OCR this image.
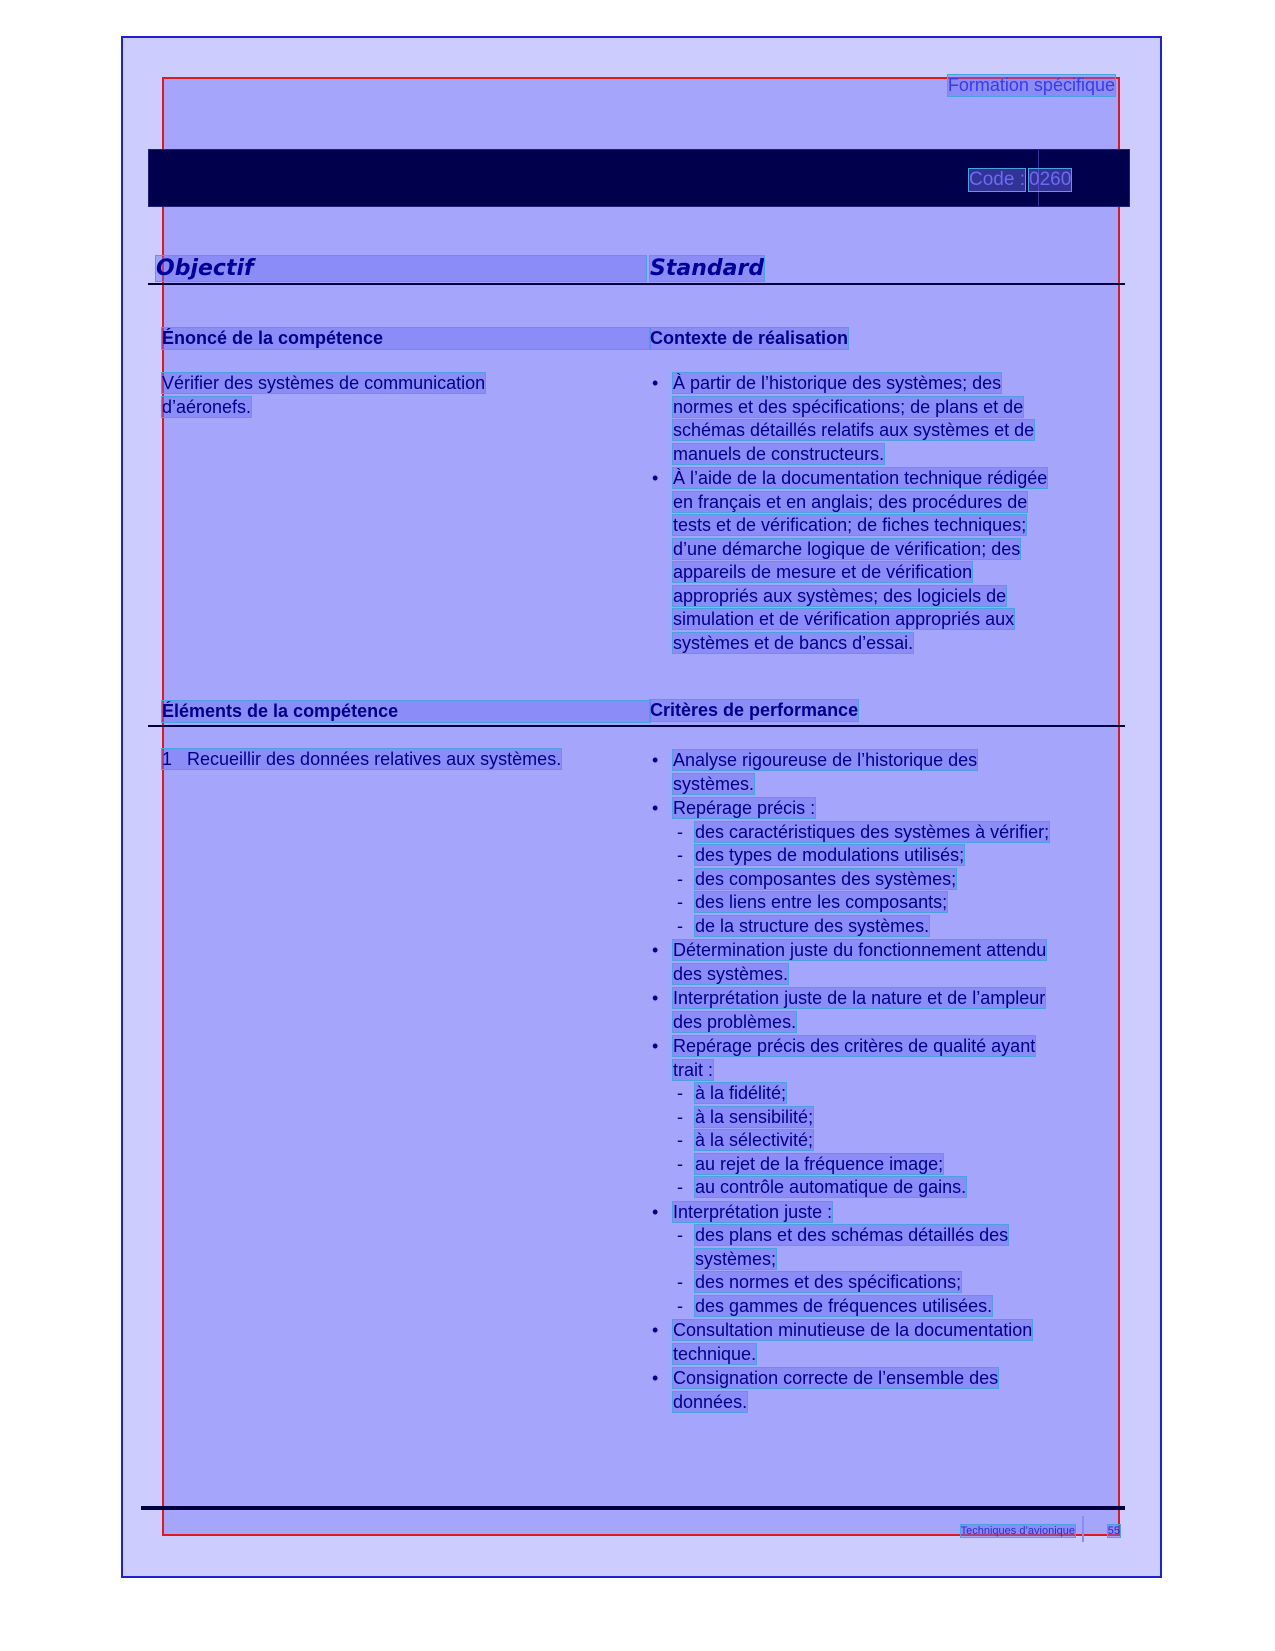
Formation spécifique
Code : 0260
Objectif	Standard
Énoncé de la compétence	Contexte de réalisation
Vérifier des systèmes de communication
d’aéronefs.
• À partir de l’historique des systèmes; des
normes et des spécifications; de plans et de
schémas détaillés relatifs aux systèmes et de
manuels de constructeurs.
• À l’aide de la documentation technique rédigée
en français et en anglais; des procédures de
tests et de vérification; de fiches techniques;
d’une démarche logique de vérification; des
appareils de mesure et de vérification
appropriés aux systèmes; des logiciels de
simulation et de vérification appropriés aux
systèmes et de bancs d’essai.
Éléments de la compétence	Critères de performance
1   Recueillir des données relatives aux systèmes.
•	Analyse rigoureuse de l’historique des
systèmes.
• Repérage précis :
- des caractéristiques des systèmes à vérifier;
- des types de modulations utilisés;
- des composantes des systèmes;
- des liens entre les composants;
- de la structure des systèmes.
• Détermination juste du fonctionnement attendu
des systèmes.
• Interprétation juste de la nature et de l’ampleur
des problèmes.
• Repérage précis des critères de qualité ayant
trait :
- à la fidélité;
- à la sensibilité;
- à la sélectivité;
- au rejet de la fréquence image;
- au contrôle automatique de gains.
• Interprétation juste :
- des plans et des schémas détaillés des
systèmes;
- des normes et des spécifications;
- des gammes de fréquences utilisées.
• Consultation minutieuse de la documentation
technique.
• Consignation correcte de l’ensemble des
données.
Techniques d’avionique	55
